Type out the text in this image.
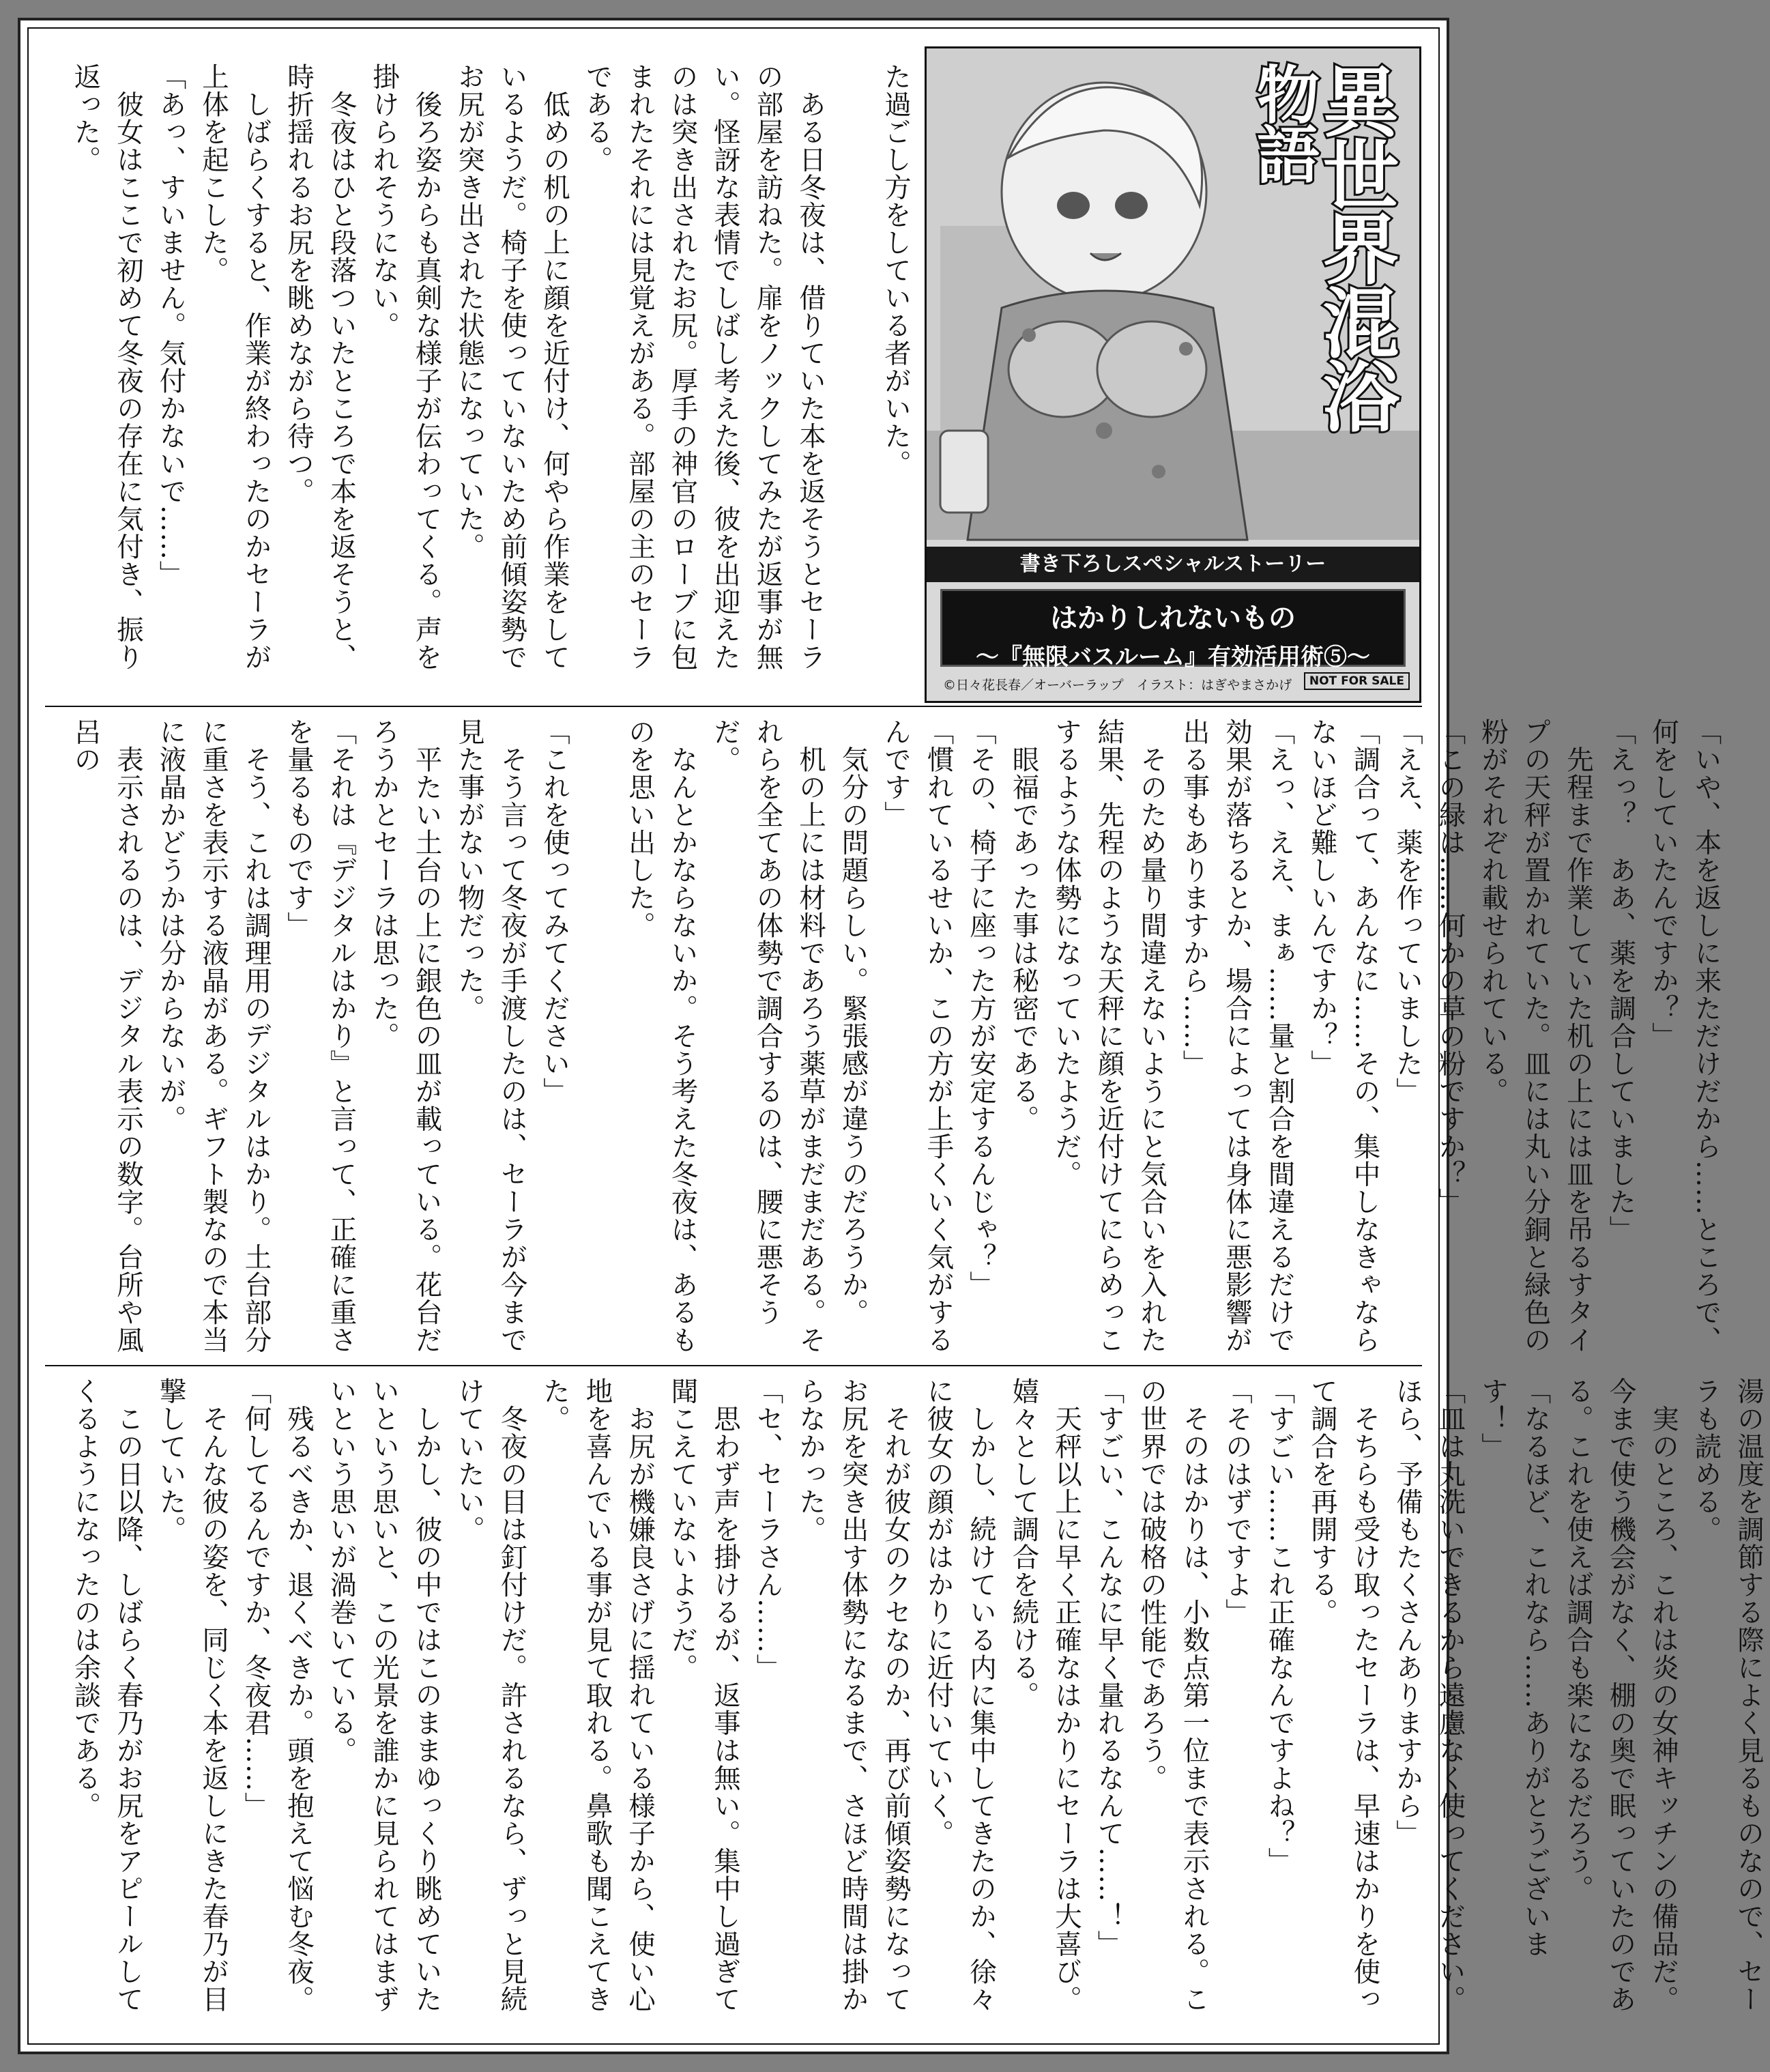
　た過ごし方をしている者がいた。

　ある日冬夜は、借りていた本を返そうとセーラの部屋を訪ねた。扉をノックしてみたが返事が無い。怪訝な表情でしばし考えた後、彼を出迎えたのは突き出されたお尻。厚手の神官のローブに包まれたそれには見覚えがある。部屋の主のセーラである。
　低めの机の上に顔を近付け、何やら作業をしているようだ。椅子を使っていないため前傾姿勢でお尻が突き出された状態になっていた。
　後ろ姿からも真剣な様子が伝わってくる。声を掛けられそうにない。
　冬夜はひと段落ついたところで本を返そうと、時折揺れるお尻を眺めながら待つ。
　しばらくすると、作業が終わったのかセーラが上体を起こした。
「あっ、すいません。気付かないで……」
　彼女はここで初めて冬夜の存在に気付き、振り返った。	異世界混浴
物語
書き下ろしスペシャルストーリー
はかりしれないもの
〜『無限バスルーム』有効活用術⑤〜
©日々花長春／オーバーラップ　イラスト：はぎやまさかげ	NOT FOR SALE
「いや、本を返しに来ただけだから……ところで、何をしていたんですか？」
「えっ？　ああ、薬を調合していました」
　先程まで作業していた机の上には皿を吊るすタイプの天秤が置かれていた。皿には丸い分銅と緑色の粉がそれぞれ載せられている。
「この緑は……何かの草の粉ですか？」
「ええ、薬を作っていました」
「調合って、あんなに……その、集中しなきゃならないほど難しいんですか？」
「えっ、ええ、まぁ……量と割合を間違えるだけで効果が落ちるとか、場合によっては身体に悪影響が出る事もありますから……」
　そのため量り間違えないようにと気合いを入れた結果、先程のような天秤に顔を近付けてにらめっこするような体勢になっていたようだ。
　眼福であった事は秘密である。
「その、椅子に座った方が安定するんじゃ？」
「慣れているせいか、この方が上手くいく気がするんです」
　気分の問題らしい。緊張感が違うのだろうか。
　机の上には材料であろう薬草がまだまだある。それらを全てあの体勢で調合するのは、腰に悪そうだ。
　なんとかならないか。そう考えた冬夜は、あるものを思い出した。

「これを使ってみてください」
　そう言って冬夜が手渡したのは、セーラが今まで見た事がない物だった。
　平たい土台の上に銀色の皿が載っている。花台だろうかとセーラは思った。
「それは『デジタルはかり』と言って、正確に重さを量るものです」
　そう、これは調理用のデジタルはかり。土台部分に重さを表示する液晶がある。ギフト製なので本当に液晶かどうかは分からないが。
　表示されるのは、デジタル表示の数字。台所や風呂の
湯の温度を調節する際によく見るものなので、セーラも読める。
　実のところ、これは炎の女神キッチンの備品だ。今まで使う機会がなく、棚の奥で眠っていたのである。これを使えば調合も楽になるだろう。
「なるほど、これなら……ありがとうございます！」
「皿は丸洗いできるから遠慮なく使ってください。ほら、予備もたくさんありますから」
　そちらも受け取ったセーラは、早速はかりを使って調合を再開する。
「すごい……これ正確なんですよね？」
「そのはずですよ」
　そのはかりは、小数点第一位まで表示される。この世界では破格の性能であろう。
「すごい、こんなに早く量れるなんて……！」
　天秤以上に早く正確なはかりにセーラは大喜び。嬉々として調合を続ける。
　しかし、続けている内に集中してきたのか、徐々に彼女の顔がはかりに近付いていく。
　それが彼女のクセなのか、再び前傾姿勢になってお尻を突き出す体勢になるまで、さほど時間は掛からなかった。
「セ、セーラさん……」
　思わず声を掛けるが、返事は無い。集中し過ぎて聞こえていないようだ。
　お尻が機嫌良さげに揺れている様子から、使い心地を喜んでいる事が見て取れる。鼻歌も聞こえてきた。
　冬夜の目は釘付けだ。許されるなら、ずっと見続けていたい。
　しかし、彼の中ではこのままゆっくり眺めていたいという思いと、この光景を誰かに見られてはまずいという思いが渦巻いている。
　残るべきか、退くべきか。頭を抱えて悩む冬夜。
「何してるんですか、冬夜君……」
　そんな彼の姿を、同じく本を返しにきた春乃が目撃していた。
　この日以降、しばらく春乃がお尻をアピールしてくるようになったのは余談である。
